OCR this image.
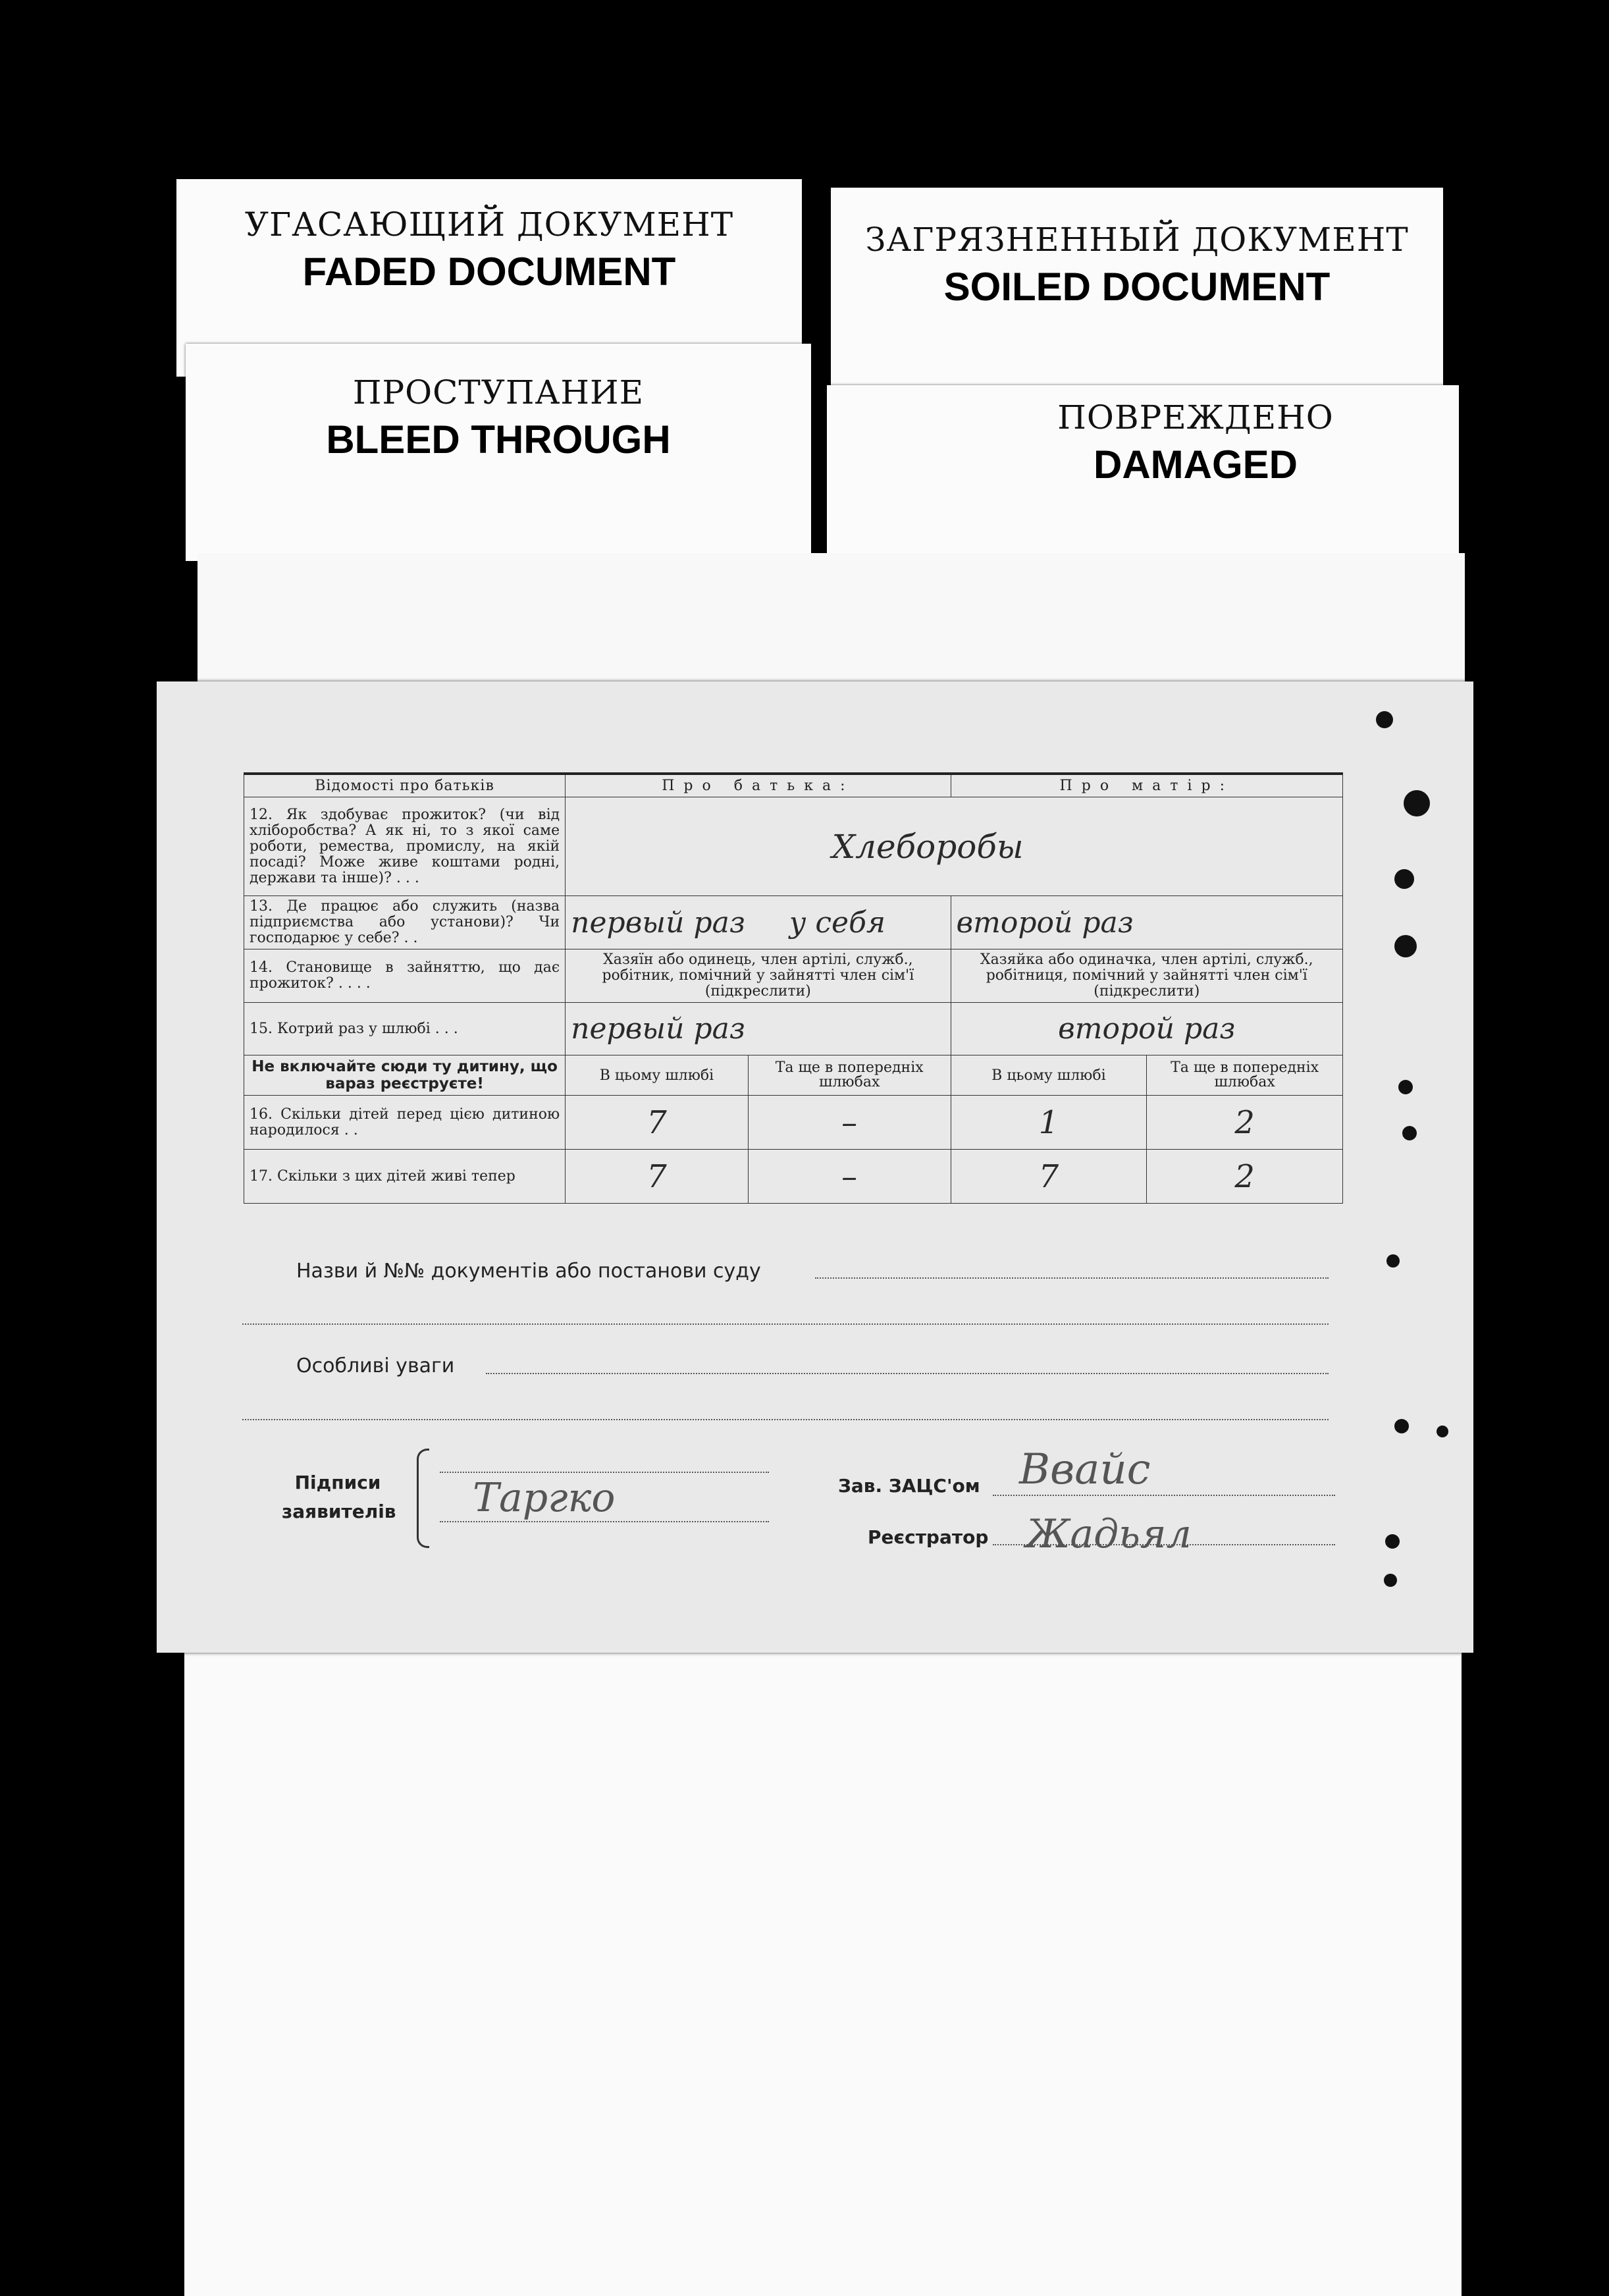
УГАСАЮЩИЙ ДОКУМЕНТ
FADED DOCUMENT
ЗАГРЯЗНЕННЫЙ ДОКУМЕНТ
SOILED DOCUMENT
ПРОСТУПАНИЕ
BLEED THROUGH	ПОВРЕЖДЕНО
DAMAGED
Відомості про батьків	Про батька:		Про матір:	
12. Як здобуває прожиток? (чи від хліборобства? А як ні, то з якої саме роботи, ремества, промислу, на якій посаді? Може живе коштами родні, держави та інше)? . . .	Хлеборобы			
13. Де працює або служить (назва підприємства або установи)? Чи господарює у себе? . .	первый раз у себя		второй раз	
14. Становище в зайняттю, що дає прожиток? . . . .	Хазяїн або одинець, член артілі, служб., робітник, помічний у зайнятті член сім'ї (підкреслити)		Хазяйка або одиначка, член артілі, служб., робітниця, помічний у зайнятті член сім'ї (підкреслити)	
15. Котрий раз у шлюбі . . .	первый раз		второй раз	
Не включайте сюди ту дитину, що вараз реєструєте!	В цьому шлюбі	Та ще в попередніх шлюбах	В цьому шлюбі	Та ще в попередніх шлюбах
16. Скільки дітей перед цією дитиною народилося . .	7	–	1	2
17. Скільки з цих дітей живі тепер	7	–	7	2
Назви й №№ документів або постанови суду
Особливі уваги
Підписи заявителів Таргко	Зав. ЗАЦС'ом Ввайс
Реєстратор Жадьял
